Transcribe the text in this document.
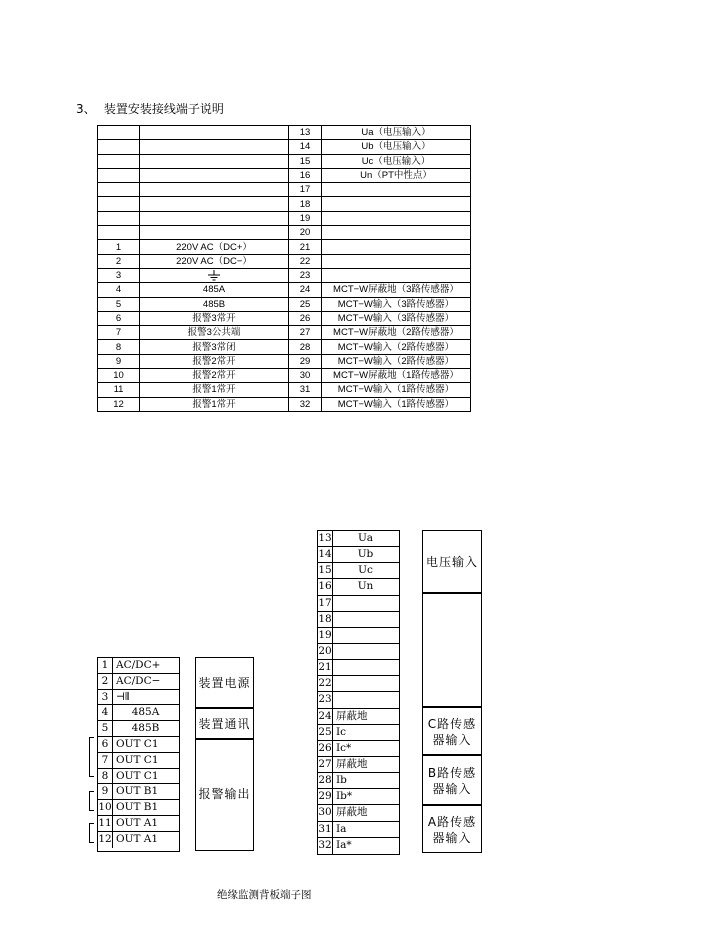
3、 装置安装接线端子说明
		13	Ua（电压输入）
		14	Ub（电压输入）
		15	Uc（电压输入）
		16	Un（PT中性点）
		17	
		18	
		19	
		20	
1	220V AC（DC+）	21	
2	220V AC（DC−）	22	
3		23	
4	485A	24	MCT−W屏蔽地（3路传感器）
5	485B	25	MCT−W输入（3路传感器）
6	报警3常开	26	MCT−W输入（3路传感器）
7	报警3公共端	27	MCT−W屏蔽地（2路传感器）
8	报警3常闭	28	MCT−W输入（2路传感器）
9	报警2常开	29	MCT−W输入（2路传感器）
10	报警2常开	30	MCT−W屏蔽地（1路传感器）
11	报警1常开	31	MCT−W输入（1路传感器）
12	报警1常开	32	MCT−W输入（1路传感器）
1 AC/DC+
2 AC/DC−
3 ⊣⫴
4	485A
5	485B
6 OUT C1
7 OUT C1
8 OUT C1
9 OUT B1
10 OUT B1
11 OUT A1
12 OUT A1
装置电源
装置通讯
报警输出
13	Ua
14	Ub
15	Uc
16	Un
17
18
19
20
21
22
23
24 屏蔽地
25 Ic
26 Ic*
27 屏蔽地
28 Ib
29 Ib*
30 屏蔽地
31 Ia
32 Ia*
电压输入
C路传感
器输入
B路传感
器输入
A路传感
器输入
绝缘监测背板端子图
